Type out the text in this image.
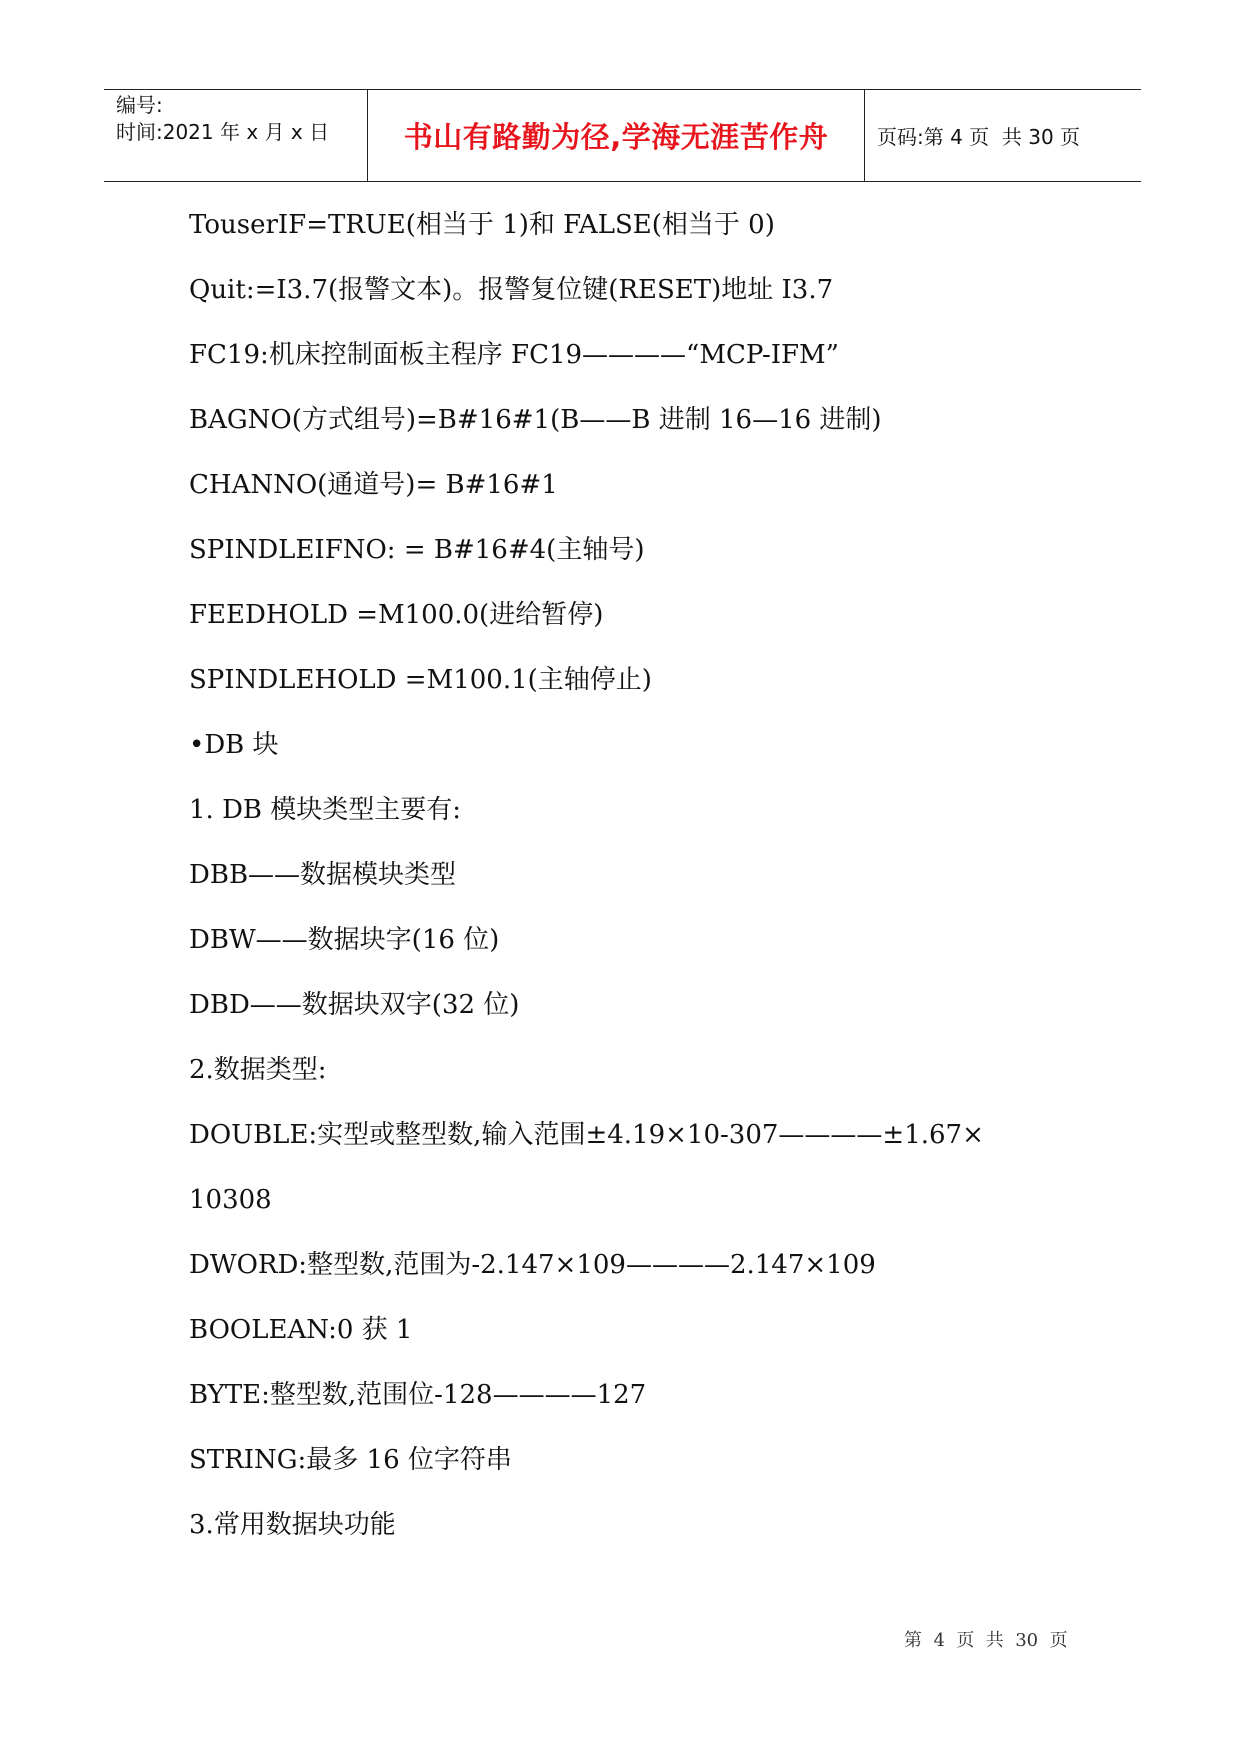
编号:
时间:2021 年 x 月 x 日	书山有路勤为径,学海无涯苦作舟 页码:第 4 页  共 30 页
TouserIF=TRUE(相当于 1)和 FALSE(相当于 0)
Quit:=I3.7(报警文本)。报警复位键(RESET)地址 I3.7
FC19:机床控制面板主程序 FC19————“MCP-IFM”
BAGNO(方式组号)=B#16#1(B——B 进制 16—16 进制)
CHANNO(通道号)= B#16#1
SPINDLEIFNO: = B#16#4(主轴号)
FEEDHOLD =M100.0(进给暂停)
SPINDLEHOLD =M100.1(主轴停止)
•DB 块
1. DB 模块类型主要有:
DBB——数据模块类型
DBW——数据块字(16 位)
DBD——数据块双字(32 位)
2.数据类型:
DOUBLE:实型或整型数,输入范围±4.19×10-307————±1.67×
10308
DWORD:整型数,范围为-2.147×109————2.147×109
BOOLEAN:0 获 1
BYTE:整型数,范围位-128————127
STRING:最多 16 位字符串
3.常用数据块功能
第  4  页  共  30  页
